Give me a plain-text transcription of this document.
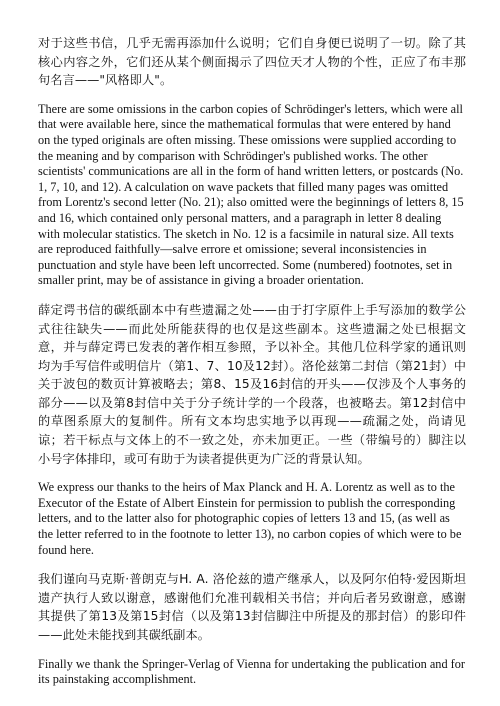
对于这些书信，几乎无需再添加什么说明；它们自身便已说明了一切。除了其核心内容之外，它们还从某个侧面揭示了四位天才人物的个性，正应了布丰那句名言——"风格即人"。

There are some omissions in the carbon copies of Schrödinger's letters, which were all that were available here, since the mathematical formulas that were entered by hand on the typed originals are often missing. These omissions were supplied according to the meaning and by comparison with Schrödinger's published works. The other scientists' communications are all in the form of hand written letters, or postcards (No. 1, 7, 10, and 12). A calculation on wave packets that filled many pages was omitted from Lorentz's second letter (No. 21); also omitted were the beginnings of letters 8, 15 and 16, which contained only personal matters, and a paragraph in letter 8 dealing with molecular statistics. The sketch in No. 12 is a facsimile in natural size. All texts are reproduced faithfully—salve errore et omissione; several inconsistencies in punctuation and style have been left uncorrected. Some (numbered) footnotes, set in smaller print, may be of assistance in giving a broader orientation.

薛定谔书信的碳纸副本中有些遗漏之处——由于打字原件上手写添加的数学公式往往缺失——而此处所能获得的也仅是这些副本。这些遗漏之处已根据文意，并与薛定谔已发表的著作相互参照，予以补全。其他几位科学家的通讯则均为手写信件或明信片（第1、7、10及12封）。洛伦兹第二封信（第21封）中关于波包的数页计算被略去；第8、15及16封信的开头——仅涉及个人事务的部分——以及第8封信中关于分子统计学的一个段落，也被略去。第12封信中的草图系原大的复制件。所有文本均忠实地予以再现——疏漏之处，尚请见谅；若干标点与文体上的不一致之处，亦未加更正。一些（带编号的）脚注以小号字体排印，或可有助于为读者提供更为广泛的背景认知。

We express our thanks to the heirs of Max Planck and H. A. Lorentz as well as to the Executor of the Estate of Albert Einstein for permission to publish the corresponding letters, and to the latter also for photographic copies of letters 13 and 15, (as well as the letter referred to in the footnote to letter 13), no carbon copies of which were to be found here.

我们谨向马克斯·普朗克与H. A. 洛伦兹的遗产继承人，以及阿尔伯特·爱因斯坦遗产执行人致以谢意，感谢他们允准刊载相关书信；并向后者另致谢意，感谢其提供了第13及第15封信（以及第13封信脚注中所提及的那封信）的影印件——此处未能找到其碳纸副本。

Finally we thank the Springer-Verlag of Vienna for undertaking the publication and for its painstaking accomplishment.
